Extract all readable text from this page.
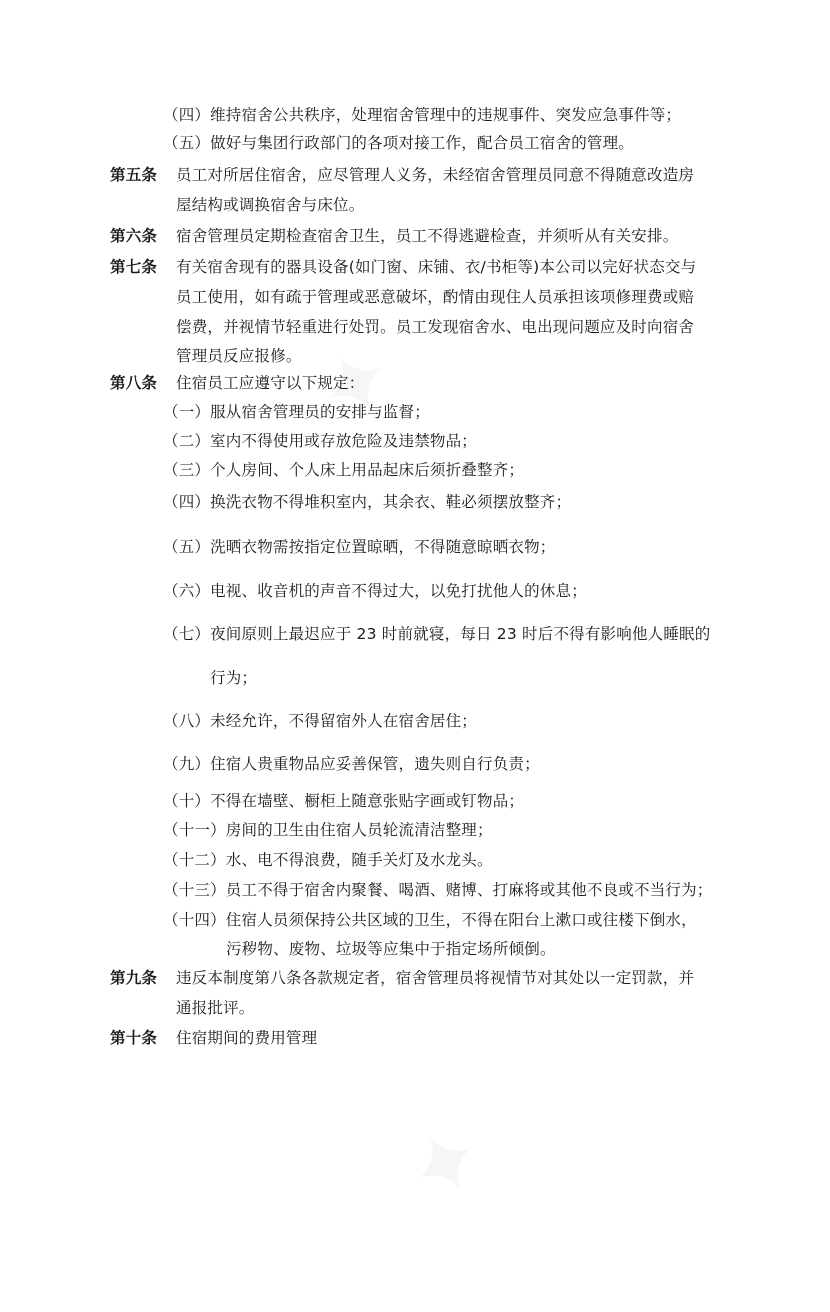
（四）维持宿舍公共秩序，处理宿舍管理中的违规事件、突发应急事件等；
（五）做好与集团行政部门的各项对接工作，配合员工宿舍的管理。
第五条 员工对所居住宿舍，应尽管理人义务，未经宿舍管理员同意不得随意改造房
屋结构或调换宿舍与床位。
第六条 宿舍管理员定期检查宿舍卫生，员工不得逃避检查，并须听从有关安排。
第七条 有关宿舍现有的器具设备(如门窗、床铺、衣/书柜等)本公司以完好状态交与
员工使用，如有疏于管理或恶意破坏，酌情由现住人员承担该项修理费或赔
偿费，并视情节轻重进行处罚。员工发现宿舍水、电出现问题应及时向宿舍
管理员反应报修。
第八条 住宿员工应遵守以下规定：
（一）服从宿舍管理员的安排与监督；
（二）室内不得使用或存放危险及违禁物品；
（三）个人房间、个人床上用品起床后须折叠整齐；
（四）换洗衣物不得堆积室内，其余衣、鞋必须摆放整齐；
（五）洗晒衣物需按指定位置晾晒，不得随意晾晒衣物；
（六）电视、收音机的声音不得过大，以免打扰他人的休息；
（七）夜间原则上最迟应于 23 时前就寝，每日 23 时后不得有影响他人睡眠的
行为；
（八）未经允许，不得留宿外人在宿舍居住；
（九）住宿人贵重物品应妥善保管，遗失则自行负责；
（十）不得在墙壁、橱柜上随意张贴字画或钉物品；
（十一）房间的卫生由住宿人员轮流清洁整理；
（十二）水、电不得浪费，随手关灯及水龙头。
（十三）员工不得于宿舍内聚餐、喝酒、赌博、打麻将或其他不良或不当行为；
（十四）住宿人员须保持公共区域的卫生，不得在阳台上漱口或往楼下倒水，
污秽物、废物、垃圾等应集中于指定场所倾倒。
第九条 违反本制度第八条各款规定者，宿舍管理员将视情节对其处以一定罚款，并
通报批评。
第十条 住宿期间的费用管理
